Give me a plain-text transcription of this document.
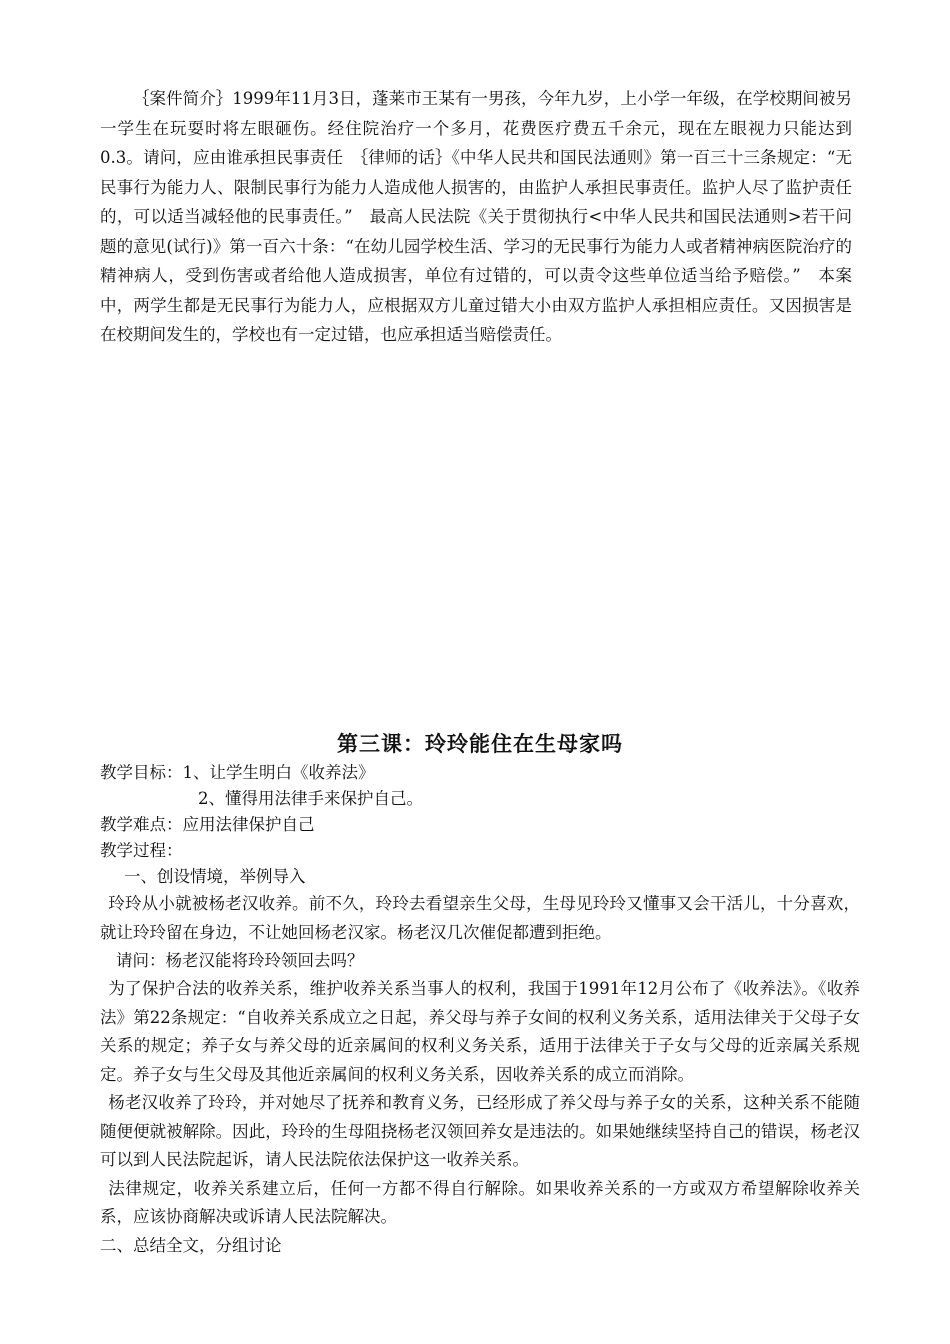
｛案件简介｝1999年11月3日，蓬莱市王某有一男孩，今年九岁，上小学一年级，在学校期间被另一学生在玩耍时将左眼砸伤。经住院治疗一个多月，花费医疗费五千余元，现在左眼视力只能达到0.3。请问，应由谁承担民事责任　｛律师的话｝《中华人民共和国民法通则》第一百三十三条规定：“无民事行为能力人、限制民事行为能力人造成他人损害的，由监护人承担民事责任。监护人尽了监护责任的，可以适当减轻他的民事责任。”　最高人民法院《关于贯彻执行<中华人民共和国民法通则>若干问题的意见(试行)》第一百六十条：“在幼儿园学校生活、学习的无民事行为能力人或者精神病医院治疗的精神病人，受到伤害或者给他人造成损害，单位有过错的，可以责令这些单位适当给予赔偿。”　本案中，两学生都是无民事行为能力人，应根据双方儿童过错大小由双方监护人承担相应责任。又因损害是在校期间发生的，学校也有一定过错，也应承担适当赔偿责任。

第三课：玲玲能住在生母家吗
教学目标：1、让学生明白《收养法》
2、懂得用法律手来保护自己。
教学难点：应用法律保护自己
教学过程：
一、创设情境，举例导入

玲玲从小就被杨老汉收养。前不久，玲玲去看望亲生父母，生母见玲玲又懂事又会干活儿，十分喜欢，就让玲玲留在身边，不让她回杨老汉家。杨老汉几次催促都遭到拒绝。

请问：杨老汉能将玲玲领回去吗？

为了保护合法的收养关系，维护收养关系当事人的权利，我国于1991年12月公布了《收养法》。《收养法》第22条规定：“自收养关系成立之日起，养父母与养子女间的权利义务关系，适用法律关于父母子女关系的规定；养子女与养父母的近亲属间的权利义务关系，适用于法律关于子女与父母的近亲属关系规定。养子女与生父母及其他近亲属间的权利义务关系，因收养关系的成立而消除。

杨老汉收养了玲玲，并对她尽了抚养和教育义务，已经形成了养父母与养子女的关系，这种关系不能随随便便就被解除。因此，玲玲的生母阻挠杨老汉领回养女是违法的。如果她继续坚持自己的错误，杨老汉可以到人民法院起诉，请人民法院依法保护这一收养关系。

法律规定，收养关系建立后，任何一方都不得自行解除。如果收养关系的一方或双方希望解除收养关系，应该协商解决或诉请人民法院解决。

二、总结全文，分组讨论
